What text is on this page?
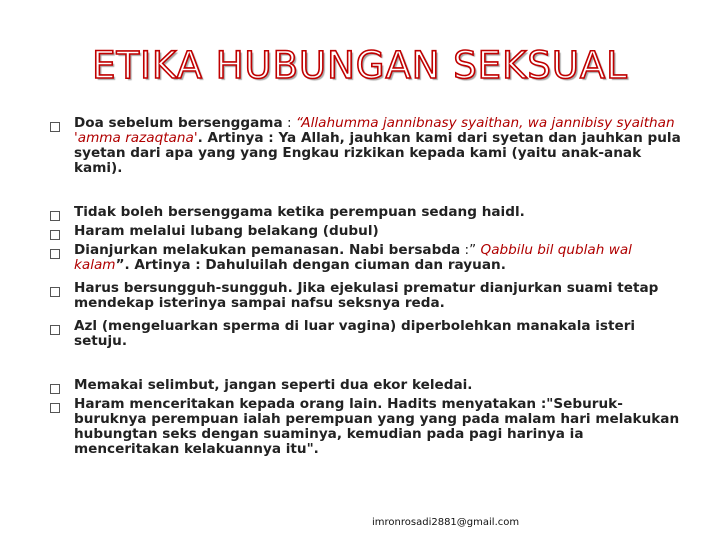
ETIKA HUBUNGAN SEKSUAL
Doa sebelum bersenggama : “Allahumma jannibnasy syaithan, wa jannibisy syaithan 'amma razaqtana'. Artinya : Ya Allah, jauhkan kami dari syetan dan jauhkan pula syetan dari apa yang yang Engkau rizkikan kepada kami (yaitu anak-anak kami).
Tidak boleh bersenggama ketika perempuan sedang haidl.
Haram melalui lubang belakang (dubul)
Dianjurkan melakukan pemanasan. Nabi bersabda :” Qabbilu bil qublah wal kalam”. Artinya : Dahuluilah dengan ciuman dan rayuan.
Harus bersungguh-sungguh. Jika ejekulasi prematur dianjurkan suami tetap mendekap isterinya sampai nafsu seksnya reda.
Azl (mengeluarkan sperma di luar vagina) diperbolehkan manakala isteri setuju.
Memakai selimbut, jangan seperti dua ekor keledai.
Haram menceritakan kepada orang lain. Hadits menyatakan :"Seburuk-buruknya perempuan ialah perempuan yang yang pada malam hari melakukan hubungtan seks dengan suaminya, kemudian pada pagi harinya ia menceritakan kelakuannya itu".
imronrosadi2881@gmail.com
